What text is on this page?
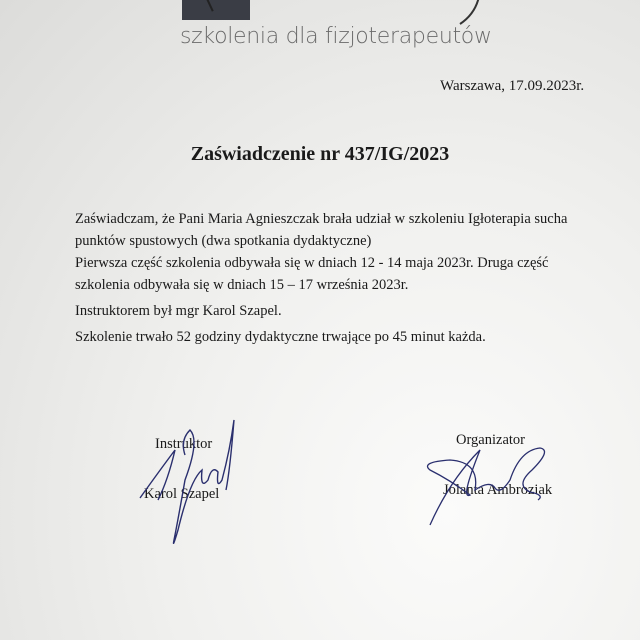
szkolenia dla fizjoterapeutów
Warszawa, 17.09.2023r.
Zaświadczenie nr 437/IG/2023

Zaświadczam, że Pani Maria Agnieszczak brała udział w szkoleniu Igłoterapia sucha punktów spustowych (dwa spotkania dydaktyczne)

Pierwsza część szkolenia odbywała się w dniach 12 - 14 maja 2023r. Druga część szkolenia odbywała się w dniach 15 – 17 września 2023r.

Instruktorem był mgr Karol Szapel.

Szkolenie trwało 52 godziny dydaktyczne trwające po 45 minut każda.

Instruktor
Karol Szapel
Organizator
Jolanta Ambroziak
